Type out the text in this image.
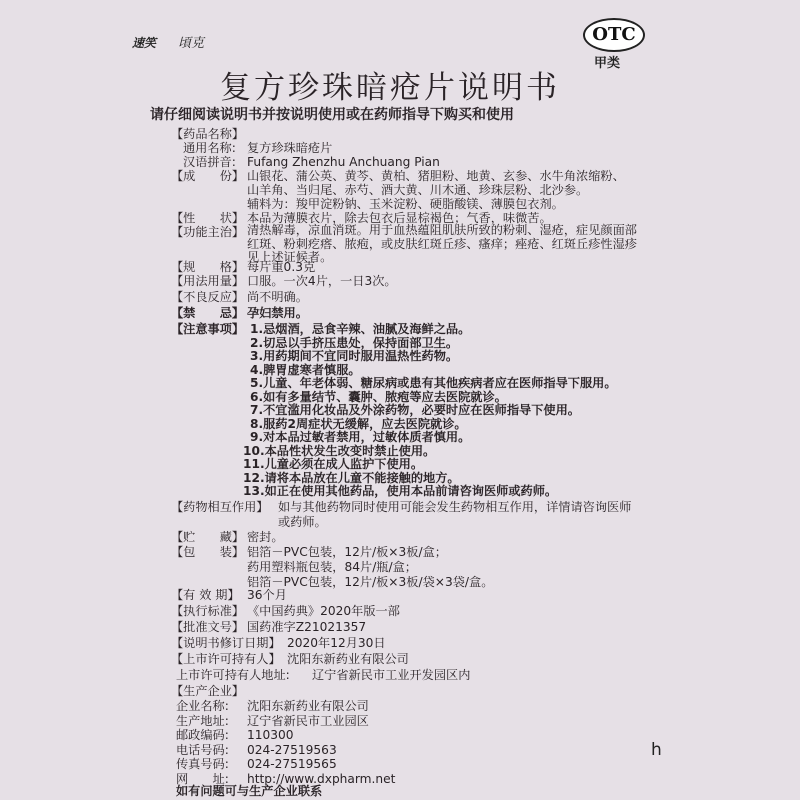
速笑 頃克	OTC
甲类
复方珍珠暗疮片说明书
请仔细阅读说明书并按说明使用或在药师指导下购买和使用
【药品名称】
通用名称: 复方珍珠暗疮片
汉语拼音: Fufang Zhenzhu Anchuang Pian
【成　　份】 山银花、蒲公英、黄芩、黄柏、猪胆粉、地黄、玄参、水牛角浓缩粉、
山羊角、当归尾、赤芍、酒大黄、川木通、珍珠层粉、北沙参。
辅料为：羧甲淀粉钠、玉米淀粉、硬脂酸镁、薄膜包衣剂。
【性　　状】 本品为薄膜衣片，除去包衣后显棕褐色；气香，味微苦。
【功能主治】 清热解毒，凉血消斑。用于血热蕴阻肌肤所致的粉刺、湿疮，症见颜面部
红斑、粉刺疙瘩、脓疱，或皮肤红斑丘疹、瘙痒；痤疮、红斑丘疹性湿疹
见上述证候者。
【规　　格】 每片重0.3克
【用法用量】 口服。一次4片，一日3次。
【不良反应】 尚不明确。
【禁　　忌】 孕妇禁用。
【注意事项】 1.忌烟酒，忌食辛辣、油腻及海鲜之品。
2.切忌以手挤压患处，保持面部卫生。
3.用药期间不宜同时服用温热性药物。
4.脾胃虚寒者慎服。
5.儿童、年老体弱、糖尿病或患有其他疾病者应在医师指导下服用。
6.如有多量结节、囊肿、脓疱等应去医院就诊。
7.不宜滥用化妆品及外涂药物，必要时应在医师指导下使用。
8.服药2周症状无缓解，应去医院就诊。
9.对本品过敏者禁用，过敏体质者慎用。
10.本品性状发生改变时禁止使用。
11.儿童必须在成人监护下使用。
12.请将本品放在儿童不能接触的地方。
13.如正在使用其他药品，使用本品前请咨询医师或药师。
【药物相互作用】 如与其他药物同时使用可能会发生药物相互作用，详情请咨询医师
或药师。
【贮　　藏】 密封。
【包　　装】 铝箔－PVC包装，12片/板×3板/盒；
药用塑料瓶包装，84片/瓶/盒；
铝箔－PVC包装，12片/板×3板/袋×3袋/盒。
【有 效 期】 36个月
【执行标准】 《中国药典》2020年版一部
【批准文号】 国药准字Z21021357
【说明书修订日期】 2020年12月30日
【上市许可持有人】 沈阳东新药业有限公司
上市许可持有人地址: 辽宁省新民市工业开发园区内
【生产企业】
h
企业名称: 沈阳东新药业有限公司
生产地址: 辽宁省新民市工业园区
邮政编码: 110300
电话号码: 024-27519563
传真号码: 024-27519565
网　　址: http://www.dxpharm.net
如有问题可与生产企业联系
